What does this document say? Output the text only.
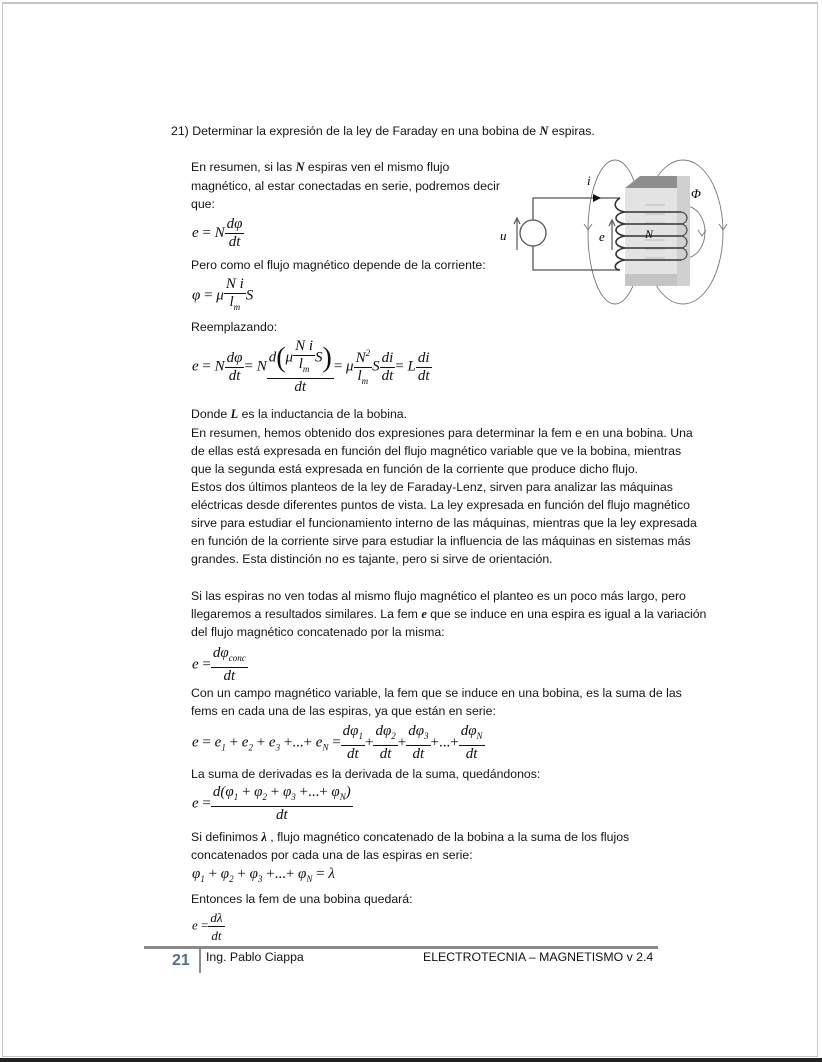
21) Determinar la expresión de la ley de Faraday en una bobina de N espiras.
En resumen, si las N espiras ven el mismo flujo
magnético, al estar conectadas en serie, podremos decir
que:
e = N $\frac{d\varphi}{dt}$
Pero como el flujo magnético depende de la corriente:
φ = μ $\frac{\text{N i}}{l_m}$ S
Reemplazando:
e = N $\frac{d\varphi}{dt} = N \frac{d(\mu \frac{\text{N i}}{l_m} S)}{dt} = \mu \frac{N^2}{l_m}$ S $\frac{di}{dt} = L \frac{di}{dt}$
Donde L es la inductancia de la bobina.
En resumen, hemos obtenido dos expresiones para determinar la fem e en una bobina. Una
de ellas está expresada en función del flujo magnético variable que ve la bobina, mientras
que la segunda está expresada en función de la corriente que produce dicho flujo.
Estos dos últimos planteos de la ley de Faraday-Lenz, sirven para analizar las máquinas
eléctricas desde diferentes puntos de vista. La ley expresada en función del flujo magnético
sirve para estudiar el funcionamiento interno de las máquinas, mientras que la ley expresada
en función de la corriente sirve para estudiar la influencia de las máquinas en sistemas más
grandes. Esta distinción no es tajante, pero si sirve de orientación.
Si las espiras no ven todas al mismo flujo magnético el planteo es un poco más largo, pero
llegaremos a resultados similares. La fem e que se induce en una espira es igual a la variación
del flujo magnético concatenado por la misma:
$e = \frac{d\varphi_{conc}}{dt}$
Con un campo magnético variable, la fem que se induce en una bobina, es la suma de las
fems en cada una de las espiras, ya que están en serie:
$e = e_1 + e_2 + e_3$ +...+ $e_N = \frac{d\varphi_1}{dt} + \frac{d\varphi_2}{dt} + \frac{d\varphi_3}{dt}$ +...+ $\frac{d\varphi_N}{dt}$
La suma de derivadas es la derivada de la suma, quedándonos:
$e = \frac{d(\varphi_1 + \varphi_2 + \varphi_3 +...+ \varphi_N)}{dt}$
Si definimos λ , flujo magnético concatenado de la bobina a la suma de los flujos
concatenados por cada una de las espiras en serie:
$\varphi_1 + \varphi_2 + \varphi_3$ +...+ $\varphi_N = \lambda$
Entonces la fem de una bobina quedará:
$e = \frac{d\lambda}{dt}$
i
Φ
u	e	N
21 Ing. Pablo Ciappa	ELECTROTECNIA – MAGNETISMO v 2.4
